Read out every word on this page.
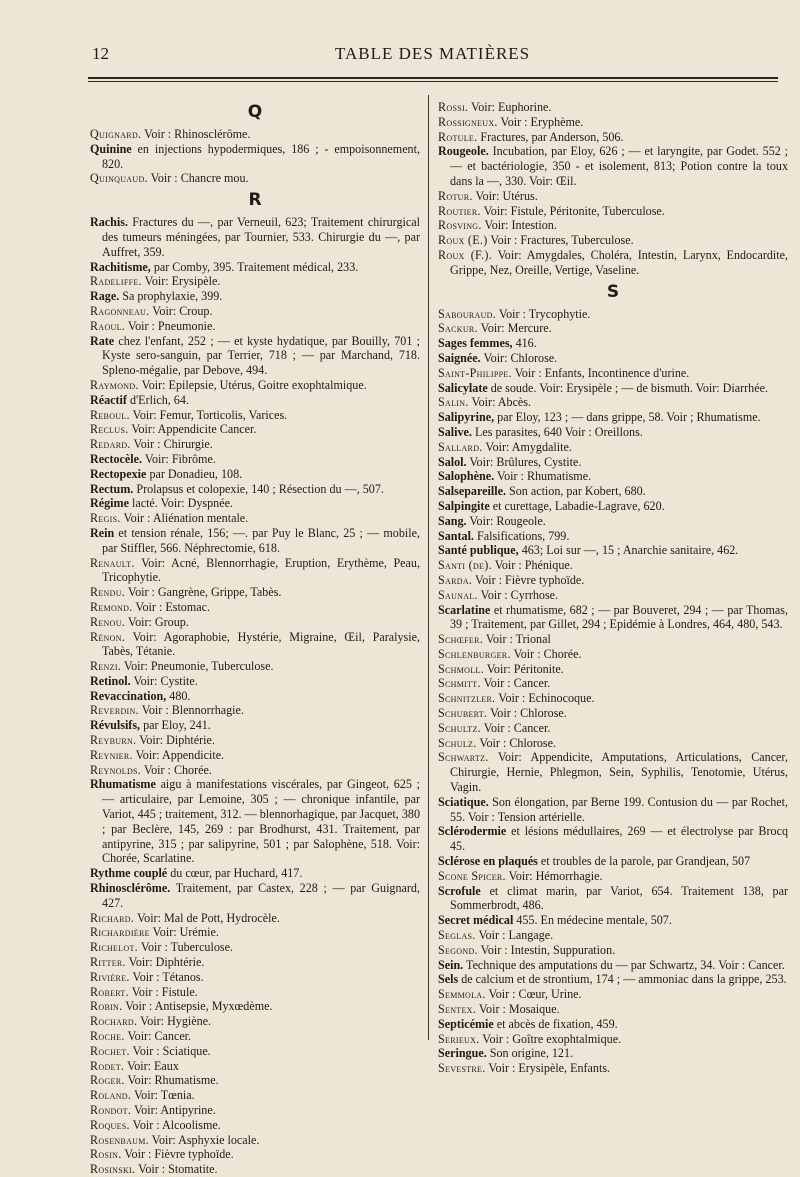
12	TABLE DES MATIÈRES
Q
Quignard. Voir : Rhinosclérôme.
Quinine en injections hypodermiques, 186 ; - empoisonnement, 820.
Quinquaud. Voir : Chancre mou.
R
Rachis. Fractures du —, par Verneuil, 623; Traitement chirurgical des tumeurs méningées, par Tournier, 533. Chirurgie du —, par Auffret, 359.
Rachitisme, par Comby, 395. Traitement médical, 233.
Radeliffe. Voir: Erysipèle.
Rage. Sa prophylaxie, 399.
Ragonneau. Voir: Croup.
Raoul. Voir : Pneumonie.
Rate chez l'enfant, 252 ; — et kyste hydatique, par Bouilly, 701 ; Kyste sero-sanguin, par Terrier, 718 ; — par Marchand, 718. Spleno-mégalie, par Debove, 494.
Raymond. Voir: Epilepsie, Utérus, Goitre exophtalmique.
Réactif d'Erlich, 64.
Reboul. Voir: Femur, Torticolis, Varices.
Reclus. Voir: Appendicite Cancer.
Redard. Voir : Chirurgie.
Rectocèle. Voir: Fibrôme.
Rectopexie par Donadieu, 108.
Rectum. Prolapsus et colopexie, 140 ; Résection du —, 507.
Régime lacté. Voir: Dyspnée.
Regis. Voir : Aliénation mentale.
Rein et tension rénale, 156; —. par Puy le Blanc, 25 ; — mobile, par Stiffler, 566. Néphrectomie, 618.
Renault. Voir: Acné, Blennorrhagie, Eruption, Erythème, Peau, Tricophytie.
Rendu. Voir : Gangrène, Grippe, Tabès.
Remond. Voir : Estomac.
Renou. Voir: Group.
Rénon. Voir: Agoraphobie, Hystérie, Migraine, Œil, Paralysie, Tabès, Tétanie.
Renzi. Voir: Pneumonie, Tuberculose.
Retinol. Voir: Cystite.
Revaccination, 480.
Reverdin. Voir : Blennorrhagie.
Révulsifs, par Eloy, 241.
Reyburn. Voir: Diphtérie.
Reynier. Voir: Appendicite.
Reynolds. Voir : Chorée.
Rhumatisme aigu à manifestations viscérales, par Gingeot, 625 ; — articulaire, par Lemoine, 305 ; — chronique infantile, par Variot, 445 ; traitement, 312. — blennorhagique, par Jacquet, 380 ; par Beclère, 145, 269 : par Brodhurst, 431. Traitement, par antipyrine, 315 ; par salipyrine, 501 ; par Salophène, 518. Voir: Chorée, Scarlatine.
Rythme couplé du cœur, par Huchard, 417.
Rhinosclérôme. Traitement, par Castex, 228 ; — par Guignard, 427.
Richard. Voir: Mal de Pott, Hydrocèle.
Richardière Voir: Urémie.
Richelot. Voir : Tuberculose.
Ritter. Voir: Diphtérie.
Rivière. Voir : Tétanos.
Robert. Voir : Fistule.
Robin. Voir : Antisepsie, Myxœdème.
Rochard. Voir: Hygiène.
Roche. Voir: Cancer.
Rochet. Voir : Sciatique.
Rodet. Voir: Eaux
Roger. Voir: Rhumatisme.
Roland. Voir: Tœnia.
Rondot. Voir: Antipyrine.
Roques. Voir : Alcoolisme.
Rosenbaum. Voir: Asphyxie locale.
Rosin. Voir : Fièvre typhoïde.
Rosinski. Voir : Stomatite.
Rossi. Voir: Euphorine.
Rossigneux. Voir : Eryphème.
Rotule. Fractures, par Anderson, 506.
Rougeole. Incubation, par Eloy, 626 ; — et laryngite, par Godet. 552 ; — et bactériologie, 350 - et isolement, 813; Potion contre la toux dans la —, 330. Voir: Œil.
Rotur. Voir: Utérus.
Routier. Voir: Fistule, Péritonite, Tuberculose.
Rosving. Voir: Intestion.
Roux (E.) Voir : Fractures, Tuberculose.
Roux (F.). Voir: Amygdales, Choléra, Intestin, Larynx, Endocardite, Grippe, Nez, Oreille, Vertige, Vaseline.
S
Sabouraud. Voir : Trycophytie.
Sackur. Voir: Mercure.
Sages femmes, 416.
Saignée. Voir: Chlorose.
Saint-Philippe. Voir : Enfants, Incontinence d'urine.
Salicylate de soude. Voir: Erysipèle ; — de bismuth. Voir: Diarrhée.
Salin. Voir: Abcès.
Salipyrine, par Eloy, 123 ; — dans grippe, 58. Voir ; Rhumatisme.
Salive. Les parasites, 640 Voir : Oreillons.
Sallard. Voir: Amygdalite.
Salol. Voir: Brûlures, Cystite.
Salophène. Voir : Rhumatisme.
Salsepareille. Son action, par Kobert, 680.
Salpingite et curettage, Labadie-Lagrave, 620.
Sang. Voir: Rougeole.
Santal. Falsifications, 799.
Santé publique, 463; Loi sur —, 15 ; Anarchie sanitaire, 462.
Santi (de). Voir : Phénique.
Sarda. Voir : Fièvre typhoïde.
Saunal. Voir : Cyrrhose.
Scarlatine et rhumatisme, 682 ; — par Bouveret, 294 ; — par Thomas, 39 ; Traitement, par Gillet, 294 ; Epidémie à Londres, 464, 480, 543.
Schœfer. Voir : Trional
Schlenburger. Voir : Chorée.
Schmoll. Voir: Péritonite.
Schmitt. Voir : Cancer.
Schnitzler. Voir : Echinocoque.
Schubert. Voir : Chlorose.
Schultz. Voir : Cancer.
Schulz. Voir : Chlorose.
Schwartz. Voir: Appendicite, Amputations, Articulations, Cancer, Chirurgie, Hernie, Phlegmon, Sein, Syphilis, Tenotomie, Utérus, Vagin.
Sciatique. Son élongation, par Berne 199. Contusion du — par Rochet, 55. Voir : Tension artérielle.
Sclérodermie et lésions médullaires, 269 — et électrolyse par Brocq 45.
Sclérose en plaqués et troubles de la parole, par Grandjean, 507
Scone Spicer. Voir: Hémorrhagie.
Scrofule et climat marin, par Variot, 654. Traitement 138, par Sommerbrodt, 486.
Secret médical 455. En médecine mentale, 507.
Seglas. Voir : Langage.
Segond. Voir : Intestin, Suppuration.
Sein. Technique des amputations du — par Schwartz, 34. Voir : Cancer.
Sels de calcium et de strontium, 174 ; — ammoniac dans la grippe, 253.
Semmola. Voir : Cœur, Urine.
Sentex. Voir : Mosaique.
Septicémie et abcès de fixation, 459.
Serieux. Voir : Goître exophtalmique.
Seringue. Son origine, 121.
Sevestre. Voir : Erysipèle, Enfants.
